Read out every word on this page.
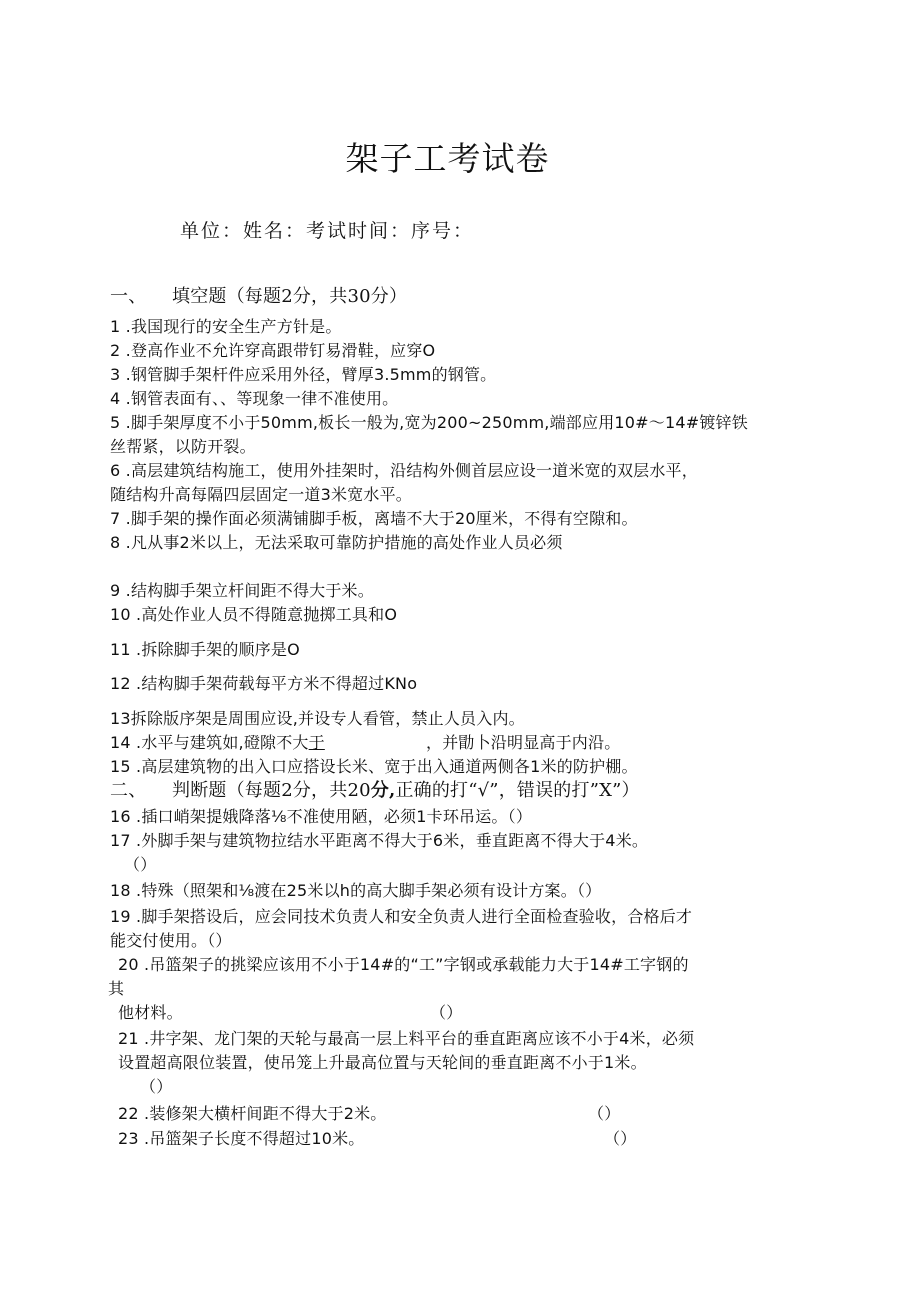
架子工考试卷
单位：姓名：考试时间：序号：
一、 填空题（每题2分，共30分）
1 .我国现行的安全生产方针是。
2 .登高作业不允许穿高跟带钉易滑鞋，应穿O
3 .钢管脚手架杆件应采用外径，臂厚3.5mm的钢管。
4 .钢管表面有、、等现象一律不准使用。
5 .脚手架厚度不小于50mm,板长一般为,宽为200~250mm,端部应用10#～14#镀锌铁
丝帮紧，以防开裂。
6 .高层建筑结构施工，使用外挂架时，沿结构外侧首层应设一道米宽的双层水平，
随结构升高每隔四层固定一道3米宽水平。
7 .脚手架的操作面必须满铺脚手板，离墙不大于20厘米，不得有空隙和。
8 .凡从事2米以上，无法采取可靠防护措施的高处作业人员必须
9 .结构脚手架立杆间距不得大于米。
10 .高处作业人员不得随意抛掷工具和O
11 .拆除脚手架的顺序是O
12 .结构脚手架荷载每平方米不得超过KNo
13拆除版序架是周围应设,并设专人看管，禁止人员入内。
14 .水平与建筑如,磴隙不大于	，并勖卜沿明显高于内沿。
15 .高层建筑物的出入口应搭设长米、宽于出入通道两侧各1米的防护棚。
二、 判断题（每题2分，共20分,正确的打“√”，错误的打”X”）
16 .插口峭架提娥降落⅛不准使用陋，必须1卡环吊运。（）
17 .外脚手架与建筑物拉结水平距离不得大于6米，垂直距离不得大于4米。
（）
18 .特殊（照架和⅛渡在25米以h的高大脚手架必须有设计方案。（）
19 .脚手架搭设后，应会同技术负责人和安全负责人进行全面检查验收，合格后才
能交付使用。（）
20 .吊篮架子的挑梁应该用不小于14#的“工”字钢或承载能力大于14#工字钢的
其
他材料。	（）
21 .井字架、龙门架的天轮与最高一层上料平台的垂直距离应该不小于4米，必须
设置超高限位装置，使吊笼上升最高位置与天轮间的垂直距离不小于1米。
（）
22 .装修架大横杆间距不得大于2米。	（）
23 .吊篮架子长度不得超过10米。	（）
